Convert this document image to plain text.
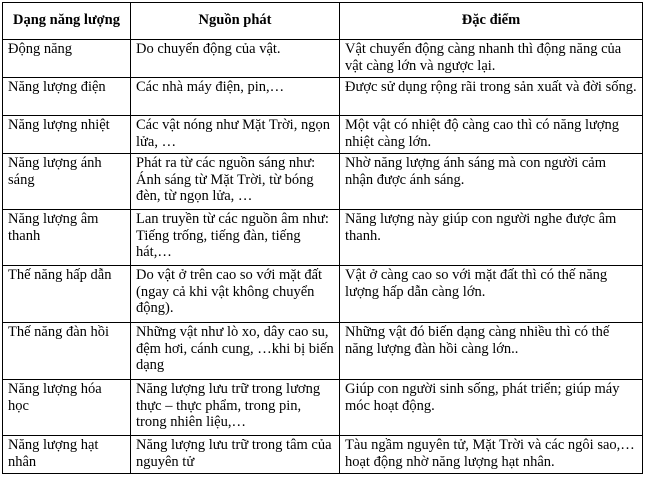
Dạng năng lượng	Nguồn phát	Đặc điểm
Động năng	Do chuyển động của vật.	Vật chuyển động càng nhanh thì động năng của vật càng lớn và ngược lại.
Năng lượng điện	Các nhà máy điện, pin,…	Được sử dụng rộng rãi trong sản xuất và đời sống.
Năng lượng nhiệt	Các vật nóng như Mặt Trời, ngọn lửa, …	Một vật có nhiệt độ càng cao thì có năng lượng nhiệt càng lớn.
Năng lượng ánh sáng	Phát ra từ các nguồn sáng như: Ánh sáng từ Mặt Trời, từ bóng đèn, từ ngọn lửa, …	Nhờ năng lượng ánh sáng mà con người cảm nhận được ánh sáng.
Năng lượng âm thanh	Lan truyền từ các nguồn âm như: Tiếng trống, tiếng đàn, tiếng hát,…	Năng lượng này giúp con người nghe được âm thanh.
Thế năng hấp dẫn	Do vật ở trên cao so với mặt đất (ngay cả khi vật không chuyển động).	Vật ở càng cao so với mặt đất thì có thế năng lượng hấp dẫn càng lớn.
Thế năng đàn hồi	Những vật như lò xo, dây cao su, đệm hơi, cánh cung, …khi bị biến dạng	Những vật đó biến dạng càng nhiều thì có thế năng lượng đàn hồi càng lớn..
Năng lượng hóa học	Năng lượng lưu trữ trong lương thực – thực phẩm, trong pin, trong nhiên liệu,…	Giúp con người sinh sống, phát triển; giúp máy móc hoạt động.
Năng lượng hạt nhân	Năng lượng lưu trữ trong tâm của nguyên tử	Tàu ngầm nguyên tử, Mặt Trời và các ngôi sao,…hoạt động nhờ năng lượng hạt nhân.
